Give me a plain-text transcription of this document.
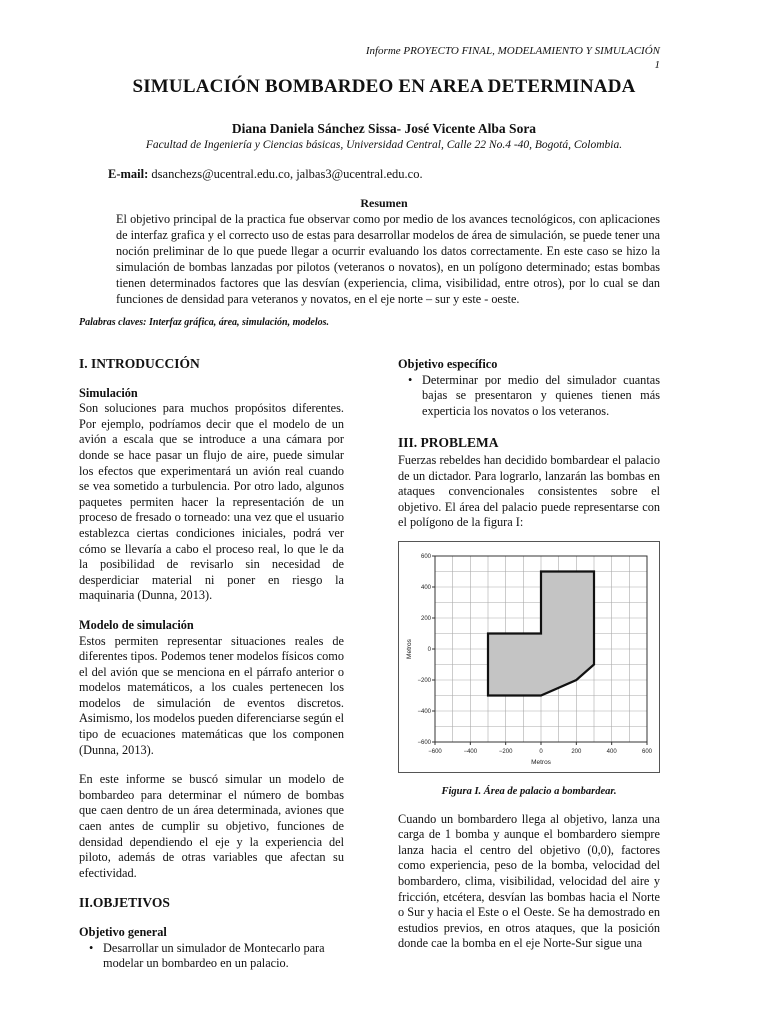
Informe PROYECTO FINAL, MODELAMIENTO Y SIMULACIÓN
1
SIMULACIÓN BOMBARDEO EN AREA DETERMINADA
Diana Daniela Sánchez Sissa- José Vicente Alba Sora
Facultad de Ingeniería y Ciencias básicas, Universidad Central, Calle 22 No.4 -40, Bogotá, Colombia.
E-mail: dsanchezs@ucentral.edu.co, jalbas3@ucentral.edu.co.
Resumen
El objetivo principal de la practica fue observar como por medio de los avances tecnológicos, con aplicaciones de interfaz grafica y el correcto uso de estas para desarrollar modelos de área de simulación, se puede tener una noción preliminar de lo que puede llegar a ocurrir evaluando los datos correctamente. En este caso se hizo la simulación de bombas lanzadas por pilotos (veteranos o novatos), en un polígono determinado; estas bombas tienen determinados factores que las desvían (experiencia, clima, visibilidad, entre otros), por lo cual se dan funciones de densidad para veteranos y novatos, en el eje norte – sur y este - oeste.
Palabras claves: Interfaz gráfica, área, simulación, modelos.
I. INTRODUCCIÓN
Simulación

Son soluciones para muchos propósitos diferentes. Por ejemplo, podríamos decir que el modelo de un avión a escala que se introduce a una cámara por donde se hace pasar un flujo de aire, puede simular los efectos que experimentará un avión real cuando se vea sometido a turbulencia. Por otro lado, algunos paquetes permiten hacer la representación de un proceso de fresado o torneado: una vez que el usuario establezca ciertas condiciones iniciales, podrá ver cómo se llevaría a cabo el proceso real, lo que le da la posibilidad de revisarlo sin necesidad de desperdiciar material ni poner en riesgo la maquinaria (Dunna, 2013).

Modelo de simulación

Estos permiten representar situaciones reales de diferentes tipos. Podemos tener modelos físicos como el del avión que se menciona en el párrafo anterior o modelos matemáticos, a los cuales pertenecen los modelos de simulación de eventos discretos. Asimismo, los modelos pueden diferenciarse según el tipo de ecuaciones matemáticas que los componen (Dunna, 2013).

En este informe se buscó simular un modelo de bombardeo para determinar el número de bombas que caen dentro de un área determinada, aviones que caen antes de cumplir su objetivo, funciones de densidad dependiendo el eje y la experiencia del piloto, además de otras variables que afectan su efectividad.

II.OBJETIVOS
Objetivo general
• Desarrollar un simulador de Montecarlo para modelar un bombardeo en un palacio.
Objetivo específico
• Determinar por medio del simulador cuantas bajas se presentaron y quienes tienen más experticia los novatos o los veteranos.
III. PROBLEMA

Fuerzas rebeldes han decidido bombardear el palacio de un dictador. Para lograrlo, lanzarán las bombas en ataques convencionales consistentes sobre el objetivo. El área del palacio puede representarse con el polígono de la figura I:

−600	−400	−200	0	200	400	600
600
400
200
0
−200
−400
−600
Metros
Metros
Figura I. Área de palacio a bombardear.

Cuando un bombardero llega al objetivo, lanza una carga de 1 bomba y aunque el bombardero siempre lanza hacia el centro del objetivo (0,0), factores como experiencia, peso de la bomba, velocidad del bombardero, clima, visibilidad, velocidad del aire y fricción, etcétera, desvían las bombas hacia el Norte o Sur y hacia el Este o el Oeste. Se ha demostrado en estudios previos, en otros ataques, que la posición donde cae la bomba en el eje Norte-Sur sigue una
